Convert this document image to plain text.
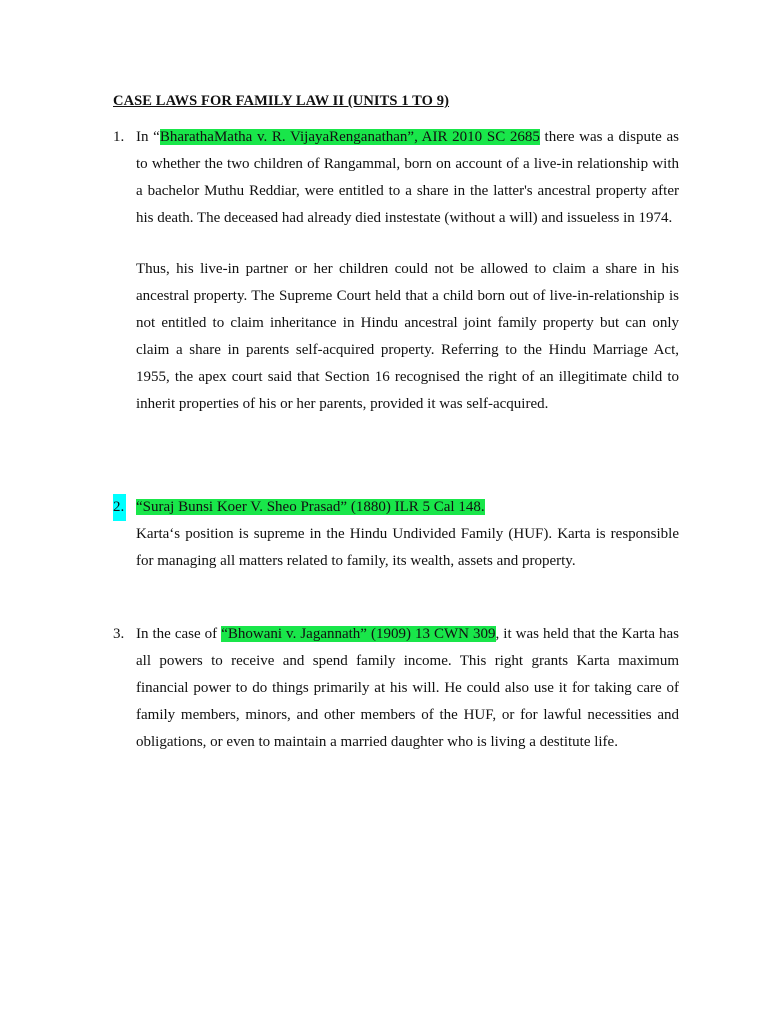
CASE LAWS FOR FAMILY LAW II (UNITS 1 TO 9)
1. In “BharathaMatha v. R. VijayaRenganathan”, AIR 2010 SC 2685 there was a dispute as to whether the two children of Rangammal, born on account of a live-in relationship with a bachelor Muthu Reddiar, were entitled to a share in the latter's ancestral property after his death. The deceased had already died instestate (without a will) and issueless in 1974.

Thus, his live-in partner or her children could not be allowed to claim a share in his ancestral property. The Supreme Court held that a child born out of live-in-relationship is not entitled to claim inheritance in Hindu ancestral joint family property but can only claim a share in parents self-acquired property. Referring to the Hindu Marriage Act, 1955, the apex court said that Section 16 recognised the right of an illegitimate child to inherit properties of his or her parents, provided it was self-acquired.

2. “Suraj Bunsi Koer V. Sheo Prasad” (1880) ILR 5 Cal 148.

Karta‘s position is supreme in the Hindu Undivided Family (HUF). Karta is responsible for managing all matters related to family, its wealth, assets and property.

3. In the case of “Bhowani v. Jagannath” (1909) 13 CWN 309, it was held that the Karta has all powers to receive and spend family income. This right grants Karta maximum financial power to do things primarily at his will. He could also use it for taking care of family members, minors, and other members of the HUF, or for lawful necessities and obligations, or even to maintain a married daughter who is living a destitute life.
